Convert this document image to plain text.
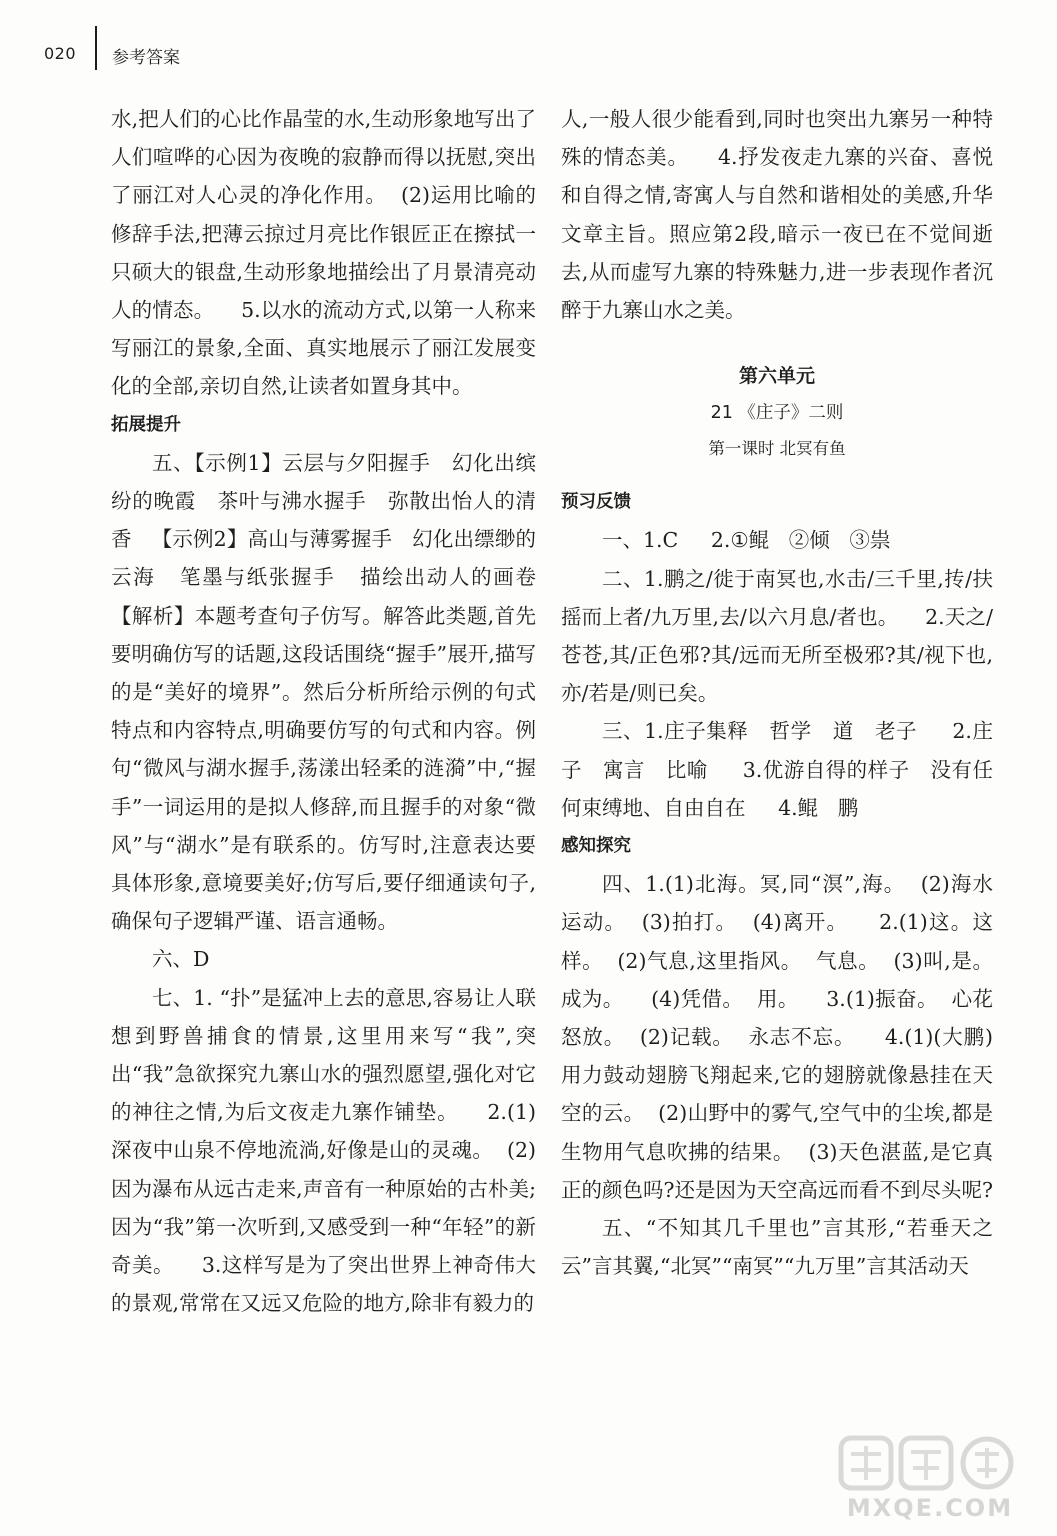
020 参考答案

水,把人们的心比作晶莹的水,生动形象地写出了人们喧哗的心因为夜晚的寂静而得以抚慰,突出了丽江对人心灵的净化作用。  (2)运用比喻的修辞手法,把薄云掠过月亮比作银匠正在擦拭一只硕大的银盘,生动形象地描绘出了月景清亮动人的情态。    5.以水的流动方式,以第一人称来写丽江的景象,全面、真实地展示了丽江发展变化的全部,亲切自然,让读者如置身其中。

拓展提升

五、【示例1】云层与夕阳握手   幻化出缤纷的晚霞   茶叶与沸水握手   弥散出怡人的清香   【示例2】高山与薄雾握手   幻化出缥缈的云海   笔墨与纸张握手   描绘出动人的画卷  【解析】本题考查句子仿写。解答此类题,首先要明确仿写的话题,这段话围绕“握手”展开,描写的是“美好的境界”。然后分析所给示例的句式特点和内容特点,明确要仿写的句式和内容。例句“微风与湖水握手,荡漾出轻柔的涟漪”中,“握手”一词运用的是拟人修辞,而且握手的对象“微风”与“湖水”是有联系的。仿写时,注意表达要具体形象,意境要美好;仿写后,要仔细通读句子,确保句子逻辑严谨、语言通畅。

六、D

七、1. “扑”是猛冲上去的意思,容易让人联想到野兽捕食的情景,这里用来写“我”,突出“我”急欲探究九寨山水的强烈愿望,强化对它的神往之情,为后文夜走九寨作铺垫。    2.(1)深夜中山泉不停地流淌,好像是山的灵魂。  (2)因为瀑布从远古走来,声音有一种原始的古朴美;因为“我”第一次听到,又感受到一种“年轻”的新奇美。    3.这样写是为了突出世界上神奇伟大的景观,常常在又远又危险的地方,除非有毅力的

人,一般人很少能看到,同时也突出九寨另一种特殊的情态美。    4.抒发夜走九寨的兴奋、喜悦和自得之情,寄寓人与自然和谐相处的美感,升华文章主旨。照应第2段,暗示一夜已在不觉间逝去,从而虚写九寨的特殊魅力,进一步表现作者沉醉于九寨山水之美。

第六单元
21 《庄子》二则
第一课时 北冥有鱼

预习反馈

一、1.C     2.①鲲   ②倾   ③祟

二、1.鹏之/徙于南冥也,水击/三千里,抟/扶摇而上者/九万里,去/以六月息/者也。    2.天之/苍苍,其/正色邪?其/远而无所至极邪?其/视下也,亦/若是/则已矣。

三、1.庄子集释   哲学   道   老子     2.庄子   寓言   比喻     3.优游自得的样子   没有任何束缚地、自由自在     4.鲲   鹏

感知探究

四、1.(1)北海。冥,同“溟”,海。  (2)海水运动。  (3)拍打。  (4)离开。    2.(1)这。这样。  (2)气息,这里指风。  气息。  (3)叫,是。  成为。    (4)凭借。  用。    3.(1)振奋。  心花怒放。  (2)记载。  永志不忘。    4.(1)(大鹏)用力鼓动翅膀飞翔起来,它的翅膀就像悬挂在天空的云。  (2)山野中的雾气,空气中的尘埃,都是生物用气息吹拂的结果。  (3)天色湛蓝,是它真正的颜色吗?还是因为天空高远而看不到尽头呢?

五、“不知其几千里也”言其形,“若垂天之云”言其翼,“北冥”“南冥”“九万里”言其活动天

MXQE.COM
